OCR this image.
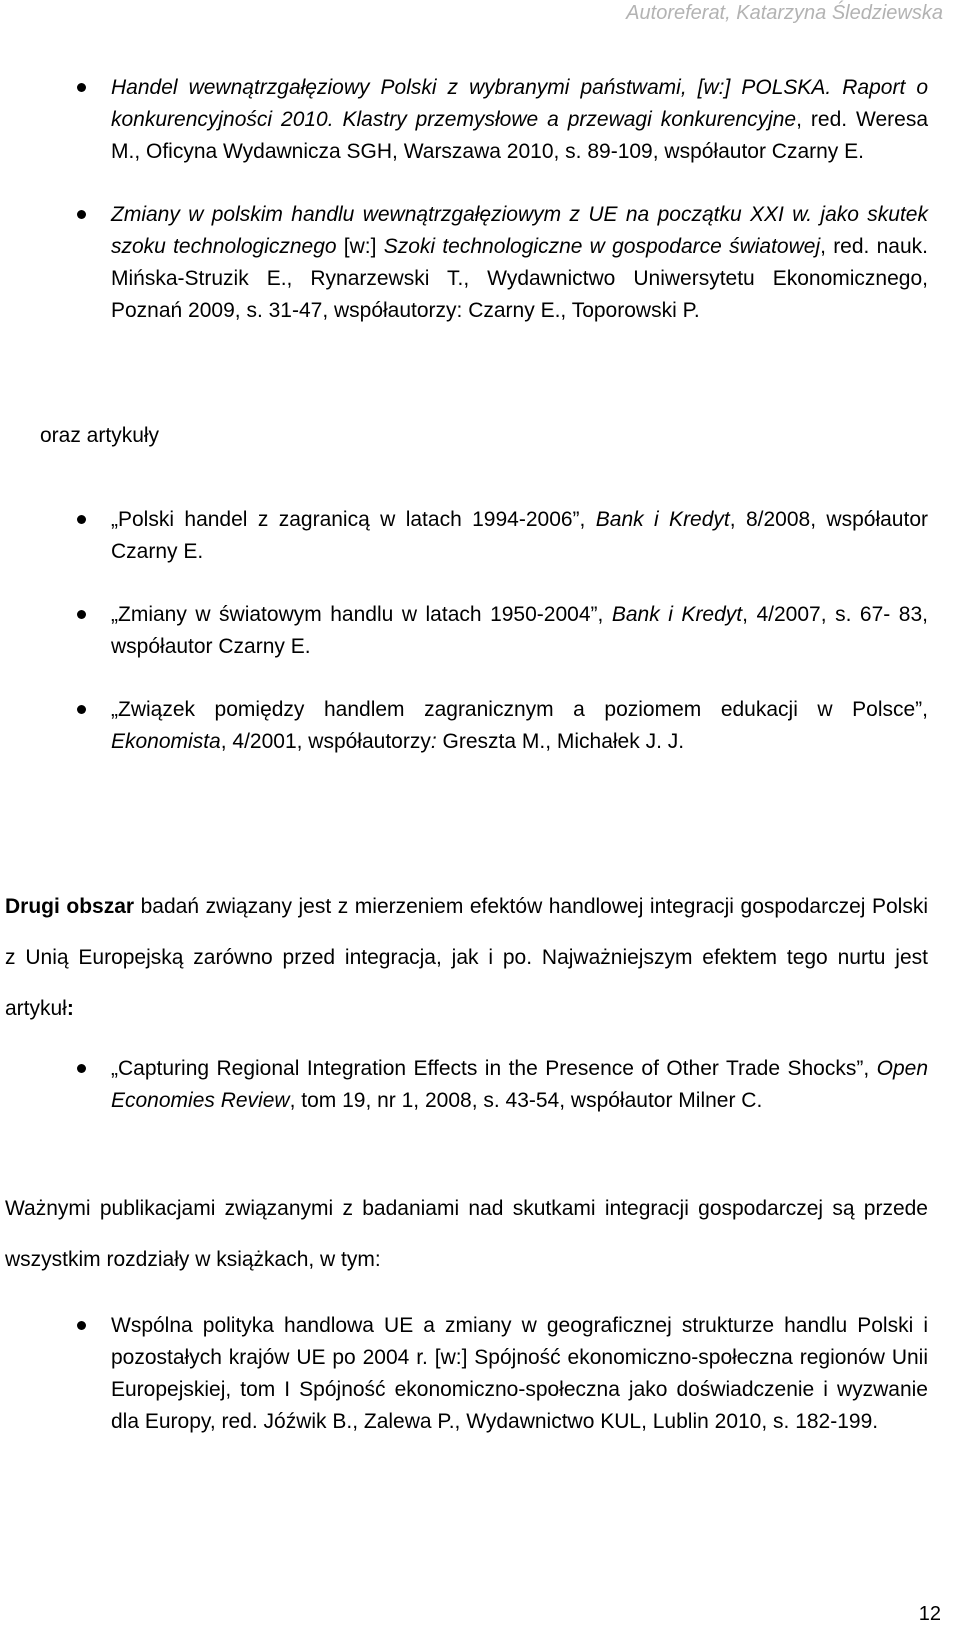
Autoreferat, Katarzyna Śledziewska
Handel wewnątrzgałęziowy Polski z wybranymi państwami, [w:] POLSKA. Raport o konkurencyjności 2010. Klastry przemysłowe a przewagi konkurencyjne, red. Weresa M., Oficyna Wydawnicza SGH, Warszawa 2010, s. 89-109, współautor Czarny E.
Zmiany w polskim handlu wewnątrzgałęziowym z UE na początku XXI w. jako skutek szoku technologicznego [w:] Szoki technologiczne w gospodarce światowej, red. nauk. Mińska-Struzik E., Rynarzewski T., Wydawnictwo Uniwersytetu Ekonomicznego, Poznań 2009, s. 31-47, współautorzy: Czarny E., Toporowski P.
oraz artykuły
„Polski handel z zagranicą w latach 1994-2006”, Bank i Kredyt, 8/2008, współautor Czarny E.
„Zmiany w światowym handlu w latach 1950-2004”, Bank i Kredyt, 4/2007, s. 67- 83, współautor Czarny E.
„Związek pomiędzy handlem zagranicznym a poziomem edukacji w Polsce”, Ekonomista, 4/2001, współautorzy: Greszta M., Michałek J. J.
Drugi obszar badań związany jest z mierzeniem efektów handlowej integracji gospodarczej Polski z Unią Europejską zarówno przed integracja, jak i po. Najważniejszym efektem tego nurtu jest artykuł:
„Capturing Regional Integration Effects in the Presence of Other Trade Shocks”, Open Economies Review, tom 19, nr 1, 2008, s. 43-54, współautor Milner C.
Ważnymi publikacjami związanymi z badaniami nad skutkami integracji gospodarczej są przede wszystkim rozdziały w książkach, w tym:
Wspólna polityka handlowa UE a zmiany w geograficznej strukturze handlu Polski i pozostałych krajów UE po 2004 r. [w:] Spójność ekonomiczno-społeczna regionów Unii Europejskiej, tom I Spójność ekonomiczno-społeczna jako doświadczenie i wyzwanie dla Europy, red. Jóźwik B., Zalewa P., Wydawnictwo KUL, Lublin 2010, s. 182-199.
12
